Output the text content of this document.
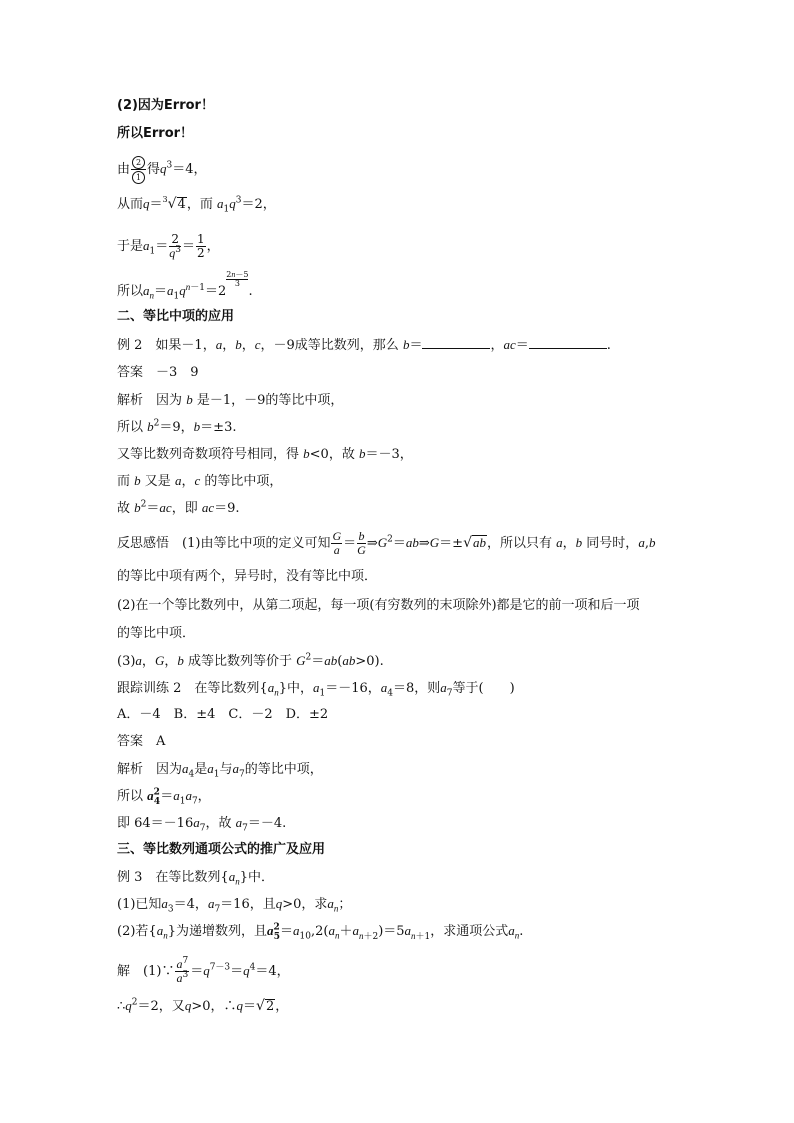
(2)因为Error！
所以Error！
由 $\frac{2}{1}$ 得$q^3=4$，
从而q＝$^3$√4，而 $a_1q^3=2$，
于是$a_1= \frac{2}{q^3} = \frac{1}{2}$ ，
所以$a_n=a_1q^{n-1}=2$
$\frac{2n-5}{3}$
.
二、等比中项的应用
例 2　 如果－1，a，b，c，－9成等比数列，那么 b＝	，ac＝	.
答案　 －3　9
解析　 因为 b 是－1，－9的等比中项，
所以 $b^2=9$，b＝±3.
又等比数列奇数项符号相同，得 b<0，故 b＝－3，
而 b 又是 a，c 的等比中项，
故 $b^2=ac$，即 ac＝9.
反思感悟　 (1)由等比中项的定义可知 $\frac{G}{a} = \frac{b}{G}$ $\Rightarrow G^2=ab\Rightarrow G=\pm√ab$，所以只有 a，b 同号时，a,b
的等比中项有两个，异号时，没有等比中项．
(2)在一个等比数列中，从第二项起，每一项(有穷数列的末项除外)都是它的前一项和后一项
的等比中项．
(3)a，G，b 成等比数列等价于 $G^2=ab(ab>0)$.
跟踪训练 2　 在等比数列$\{a_n\}$中，$a_1=-16$，$a_4=8$，则$a_7$等于(　　)
A．－4　B．±4　C．－2　D．±2
答案　 A
解析　 因为$a_4$是$a_1$与$a_7$的等比中项，
所以 $a^2_4=a_1a_7$，
即 $64=-16a_7$，故 $a_7=-4$.
三、等比数列通项公式的推广及应用
例 3　 在等比数列$\{a_n\}$中．
(1)已知$a_3=4$，$a_7=16$，且q>0，求$a_n$；
(2)若$\{a_n\}$为递增数列，且$a^2_5=a_{10},2(a_n+a_{n+2})=5a_{n+1}$，求通项公式$a_n$.
解　 (1)∵ $\frac{a^7}{a^3} =q^{7-3}=q^4=4$，
$\therefore q^2=2$，又q>0，∴q＝√2，
